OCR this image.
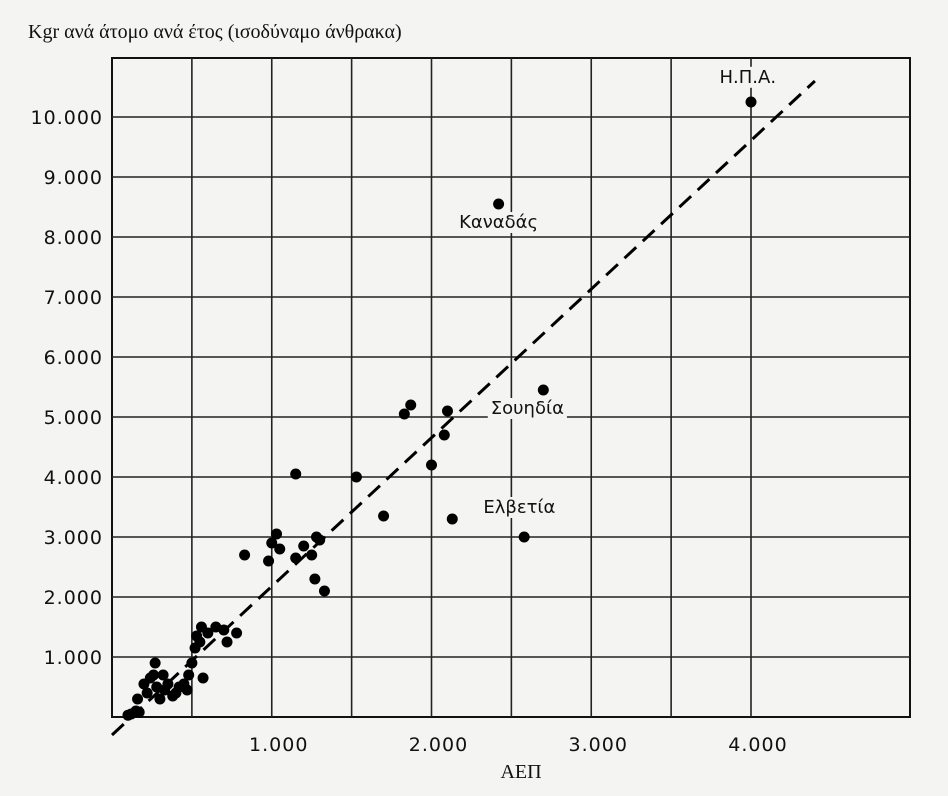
1.000
2.000
3.000
4.000
5.000
6.000
7.000
8.000
9.000
10.000
1.000	2.000	3.000	4.000
Η.Π.Α.
Καναδάς
Σουηδία
Ελβετία
Kgr ανά άτομο ανά έτος (ισοδύναμο άνθρακα)
ΑΕΠ
